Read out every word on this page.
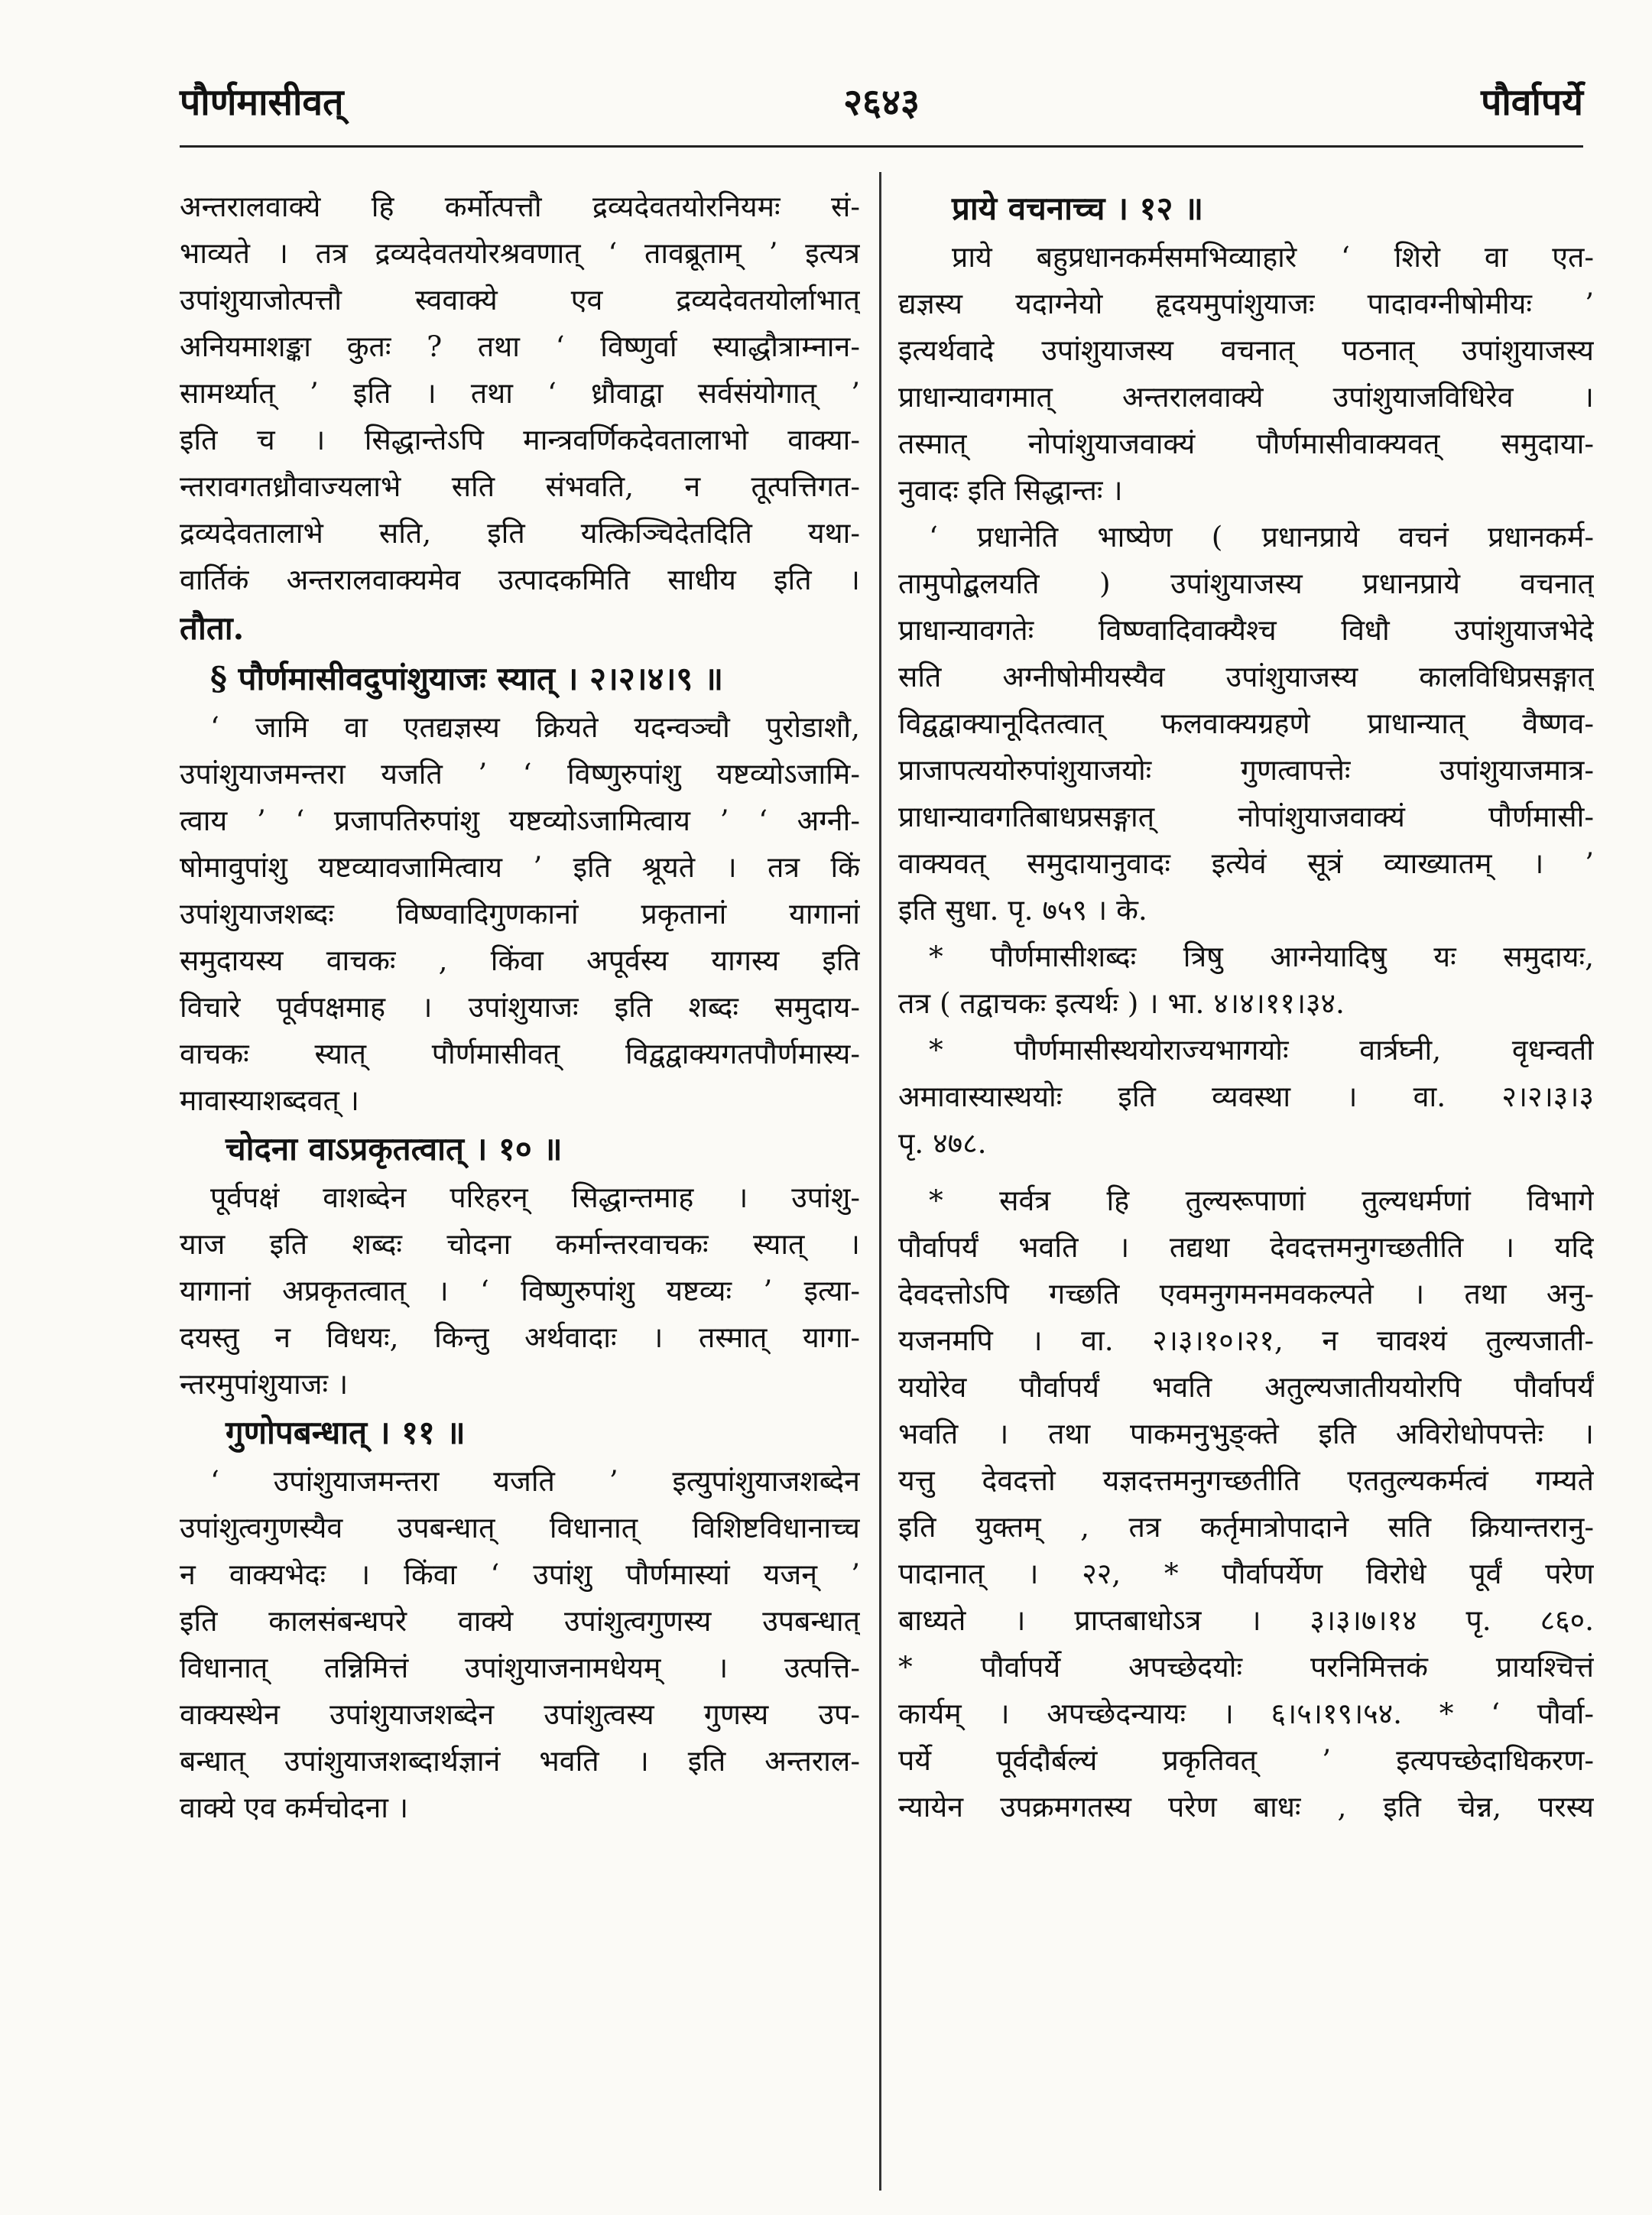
पौर्णमासीवत्	२६४३	पौर्वापर्ये
अन्तरालवाक्ये हि कर्मोत्पत्तौ द्रव्यदेवतयोरनियमः सं-
भाव्यते । तत्र द्रव्यदेवतयोरश्रवणात् ‘ तावब्रूताम् ’ इत्यत्र
उपांशुयाजोत्पत्तौ स्ववाक्ये एव द्रव्यदेवतयोर्लाभात्
अनियमाशङ्का कुतः ? तथा ‘ विष्णुर्वा स्याद्धौत्राम्नान-
सामर्थ्यात् ’ इति । तथा ‘ ध्रौवाद्वा सर्वसंयोगात् ’
इति च । सिद्धान्तेऽपि मान्त्रवर्णिकदेवतालाभो वाक्या-
न्तरावगतध्रौवाज्यलाभे सति संभवति, न तूत्पत्तिगत-
द्रव्यदेवतालाभे सति, इति यत्किञ्चिदेतदिति यथा-
वार्तिकं अन्तरालवाक्यमेव उत्पादकमिति साधीय इति ।
तौता.
§ पौर्णमासीवदुपांशुयाजः स्यात् । २।२।४।९ ॥
‘ जामि वा एतद्यज्ञस्य क्रियते यदन्वञ्चौ पुरोडाशौ,
उपांशुयाजमन्तरा यजति ’ ‘ विष्णुरुपांशु यष्टव्योऽजामि-
त्वाय ’ ‘ प्रजापतिरुपांशु यष्टव्योऽजामित्वाय ’ ‘ अग्नी-
षोमावुपांशु यष्टव्यावजामित्वाय ’ इति श्रूयते । तत्र किं
उपांशुयाजशब्दः विष्ण्वादिगुणकानां प्रकृतानां यागानां
समुदायस्य वाचकः , किंवा अपूर्वस्य यागस्य इति
विचारे पूर्वपक्षमाह । उपांशुयाजः इति शब्दः समुदाय-
वाचकः स्यात् पौर्णमासीवत् विद्वद्वाक्यगतपौर्णमास्य-
मावास्याशब्दवत् ।
चोदना वाऽप्रकृतत्वात् । १० ॥
पूर्वपक्षं वाशब्देन परिहरन् सिद्धान्तमाह । उपांशु-
याज इति शब्दः चोदना कर्मान्तरवाचकः स्यात् ।
यागानां अप्रकृतत्वात् । ‘ विष्णुरुपांशु यष्टव्यः ’ इत्या-
दयस्तु न विधयः, किन्तु अर्थवादाः । तस्मात् यागा-
न्तरमुपांशुयाजः ।
गुणोपबन्धात् । ११ ॥
‘ उपांशुयाजमन्तरा यजति ’ इत्युपांशुयाजशब्देन
उपांशुत्वगुणस्यैव उपबन्धात् विधानात् विशिष्टविधानाच्च
न वाक्यभेदः । किंवा ‘ उपांशु पौर्णमास्यां यजन् ’
इति कालसंबन्धपरे वाक्ये उपांशुत्वगुणस्य उपबन्धात्
विधानात् तन्निमित्तं उपांशुयाजनामधेयम् । उत्पत्ति-
वाक्यस्थेन उपांशुयाजशब्देन उपांशुत्वस्य गुणस्य उप-
बन्धात् उपांशुयाजशब्दार्थज्ञानं भवति । इति अन्तराल-
वाक्ये एव कर्मचोदना ।
प्राये वचनाच्च । १२ ॥
प्राये बहुप्रधानकर्मसमभिव्याहारे ‘ शिरो वा एत-
द्यज्ञस्य यदाग्नेयो हृदयमुपांशुयाजः पादावग्नीषोमीयः ’
इत्यर्थवादे उपांशुयाजस्य वचनात् पठनात् उपांशुयाजस्य
प्राधान्यावगमात् अन्तरालवाक्ये उपांशुयाजविधिरेव ।
तस्मात् नोपांशुयाजवाक्यं पौर्णमासीवाक्यवत् समुदाया-
नुवादः इति सिद्धान्तः ।
‘ प्रधानेति भाष्येण ( प्रधानप्राये वचनं प्रधानकर्म-
तामुपोद्बलयति ) उपांशुयाजस्य प्रधानप्राये वचनात्
प्राधान्यावगतेः विष्ण्वादिवाक्यैश्च विधौ उपांशुयाजभेदे
सति अग्नीषोमीयस्यैव उपांशुयाजस्य कालविधिप्रसङ्गात्
विद्वद्वाक्यानूदितत्वात् फलवाक्यग्रहणे प्राधान्यात् वैष्णव-
प्राजापत्ययोरुपांशुयाजयोः गुणत्वापत्तेः उपांशुयाजमात्र-
प्राधान्यावगतिबाधप्रसङ्गात् नोपांशुयाजवाक्यं पौर्णमासी-
वाक्यवत् समुदायानुवादः इत्येवं सूत्रं व्याख्यातम् । ’
इति सुधा. पृ. ७५९ । के.
* पौर्णमासीशब्दः त्रिषु आग्नेयादिषु यः समुदायः,
तत्र ( तद्वाचकः इत्यर्थः ) । भा. ४।४।११।३४.
* पौर्णमासीस्थयोराज्यभागयोः वार्त्रघ्नी, वृधन्वती
अमावास्यास्थयोः इति व्यवस्था । वा. २।२।३।३
पृ. ४७८.
* सर्वत्र हि तुल्यरूपाणां तुल्यधर्मणां विभागे
पौर्वापर्यं भवति । तद्यथा देवदत्तमनुगच्छतीति । यदि
देवदत्तोऽपि गच्छति एवमनुगमनमवकल्पते । तथा अनु-
यजनमपि । वा. २।३।१०।२१, न चावश्यं तुल्यजाती-
ययोरेव पौर्वापर्यं भवति अतुल्यजातीययोरपि पौर्वापर्यं
भवति । तथा पाकमनुभुङ्क्ते इति अविरोधोपपत्तेः ।
यत्तु देवदत्तो यज्ञदत्तमनुगच्छतीति एततुल्यकर्मत्वं गम्यते
इति युक्तम् , तत्र कर्तृमात्रोपादाने सति क्रियान्तरानु-
पादानात् । २२, * पौर्वापर्येण विरोधे पूर्वं परेण
बाध्यते । प्राप्तबाधोऽत्र । ३।३।७।१४ पृ. ८६०.
* पौर्वापर्ये अपच्छेदयोः परनिमित्तकं प्रायश्चित्तं
कार्यम् । अपच्छेदन्यायः । ६।५।१९।५४. * ‘ पौर्वा-
पर्ये पूर्वदौर्बल्यं प्रकृतिवत् ’ इत्यपच्छेदाधिकरण-
न्यायेन उपक्रमगतस्य परेण बाधः , इति चेन्न, परस्य
